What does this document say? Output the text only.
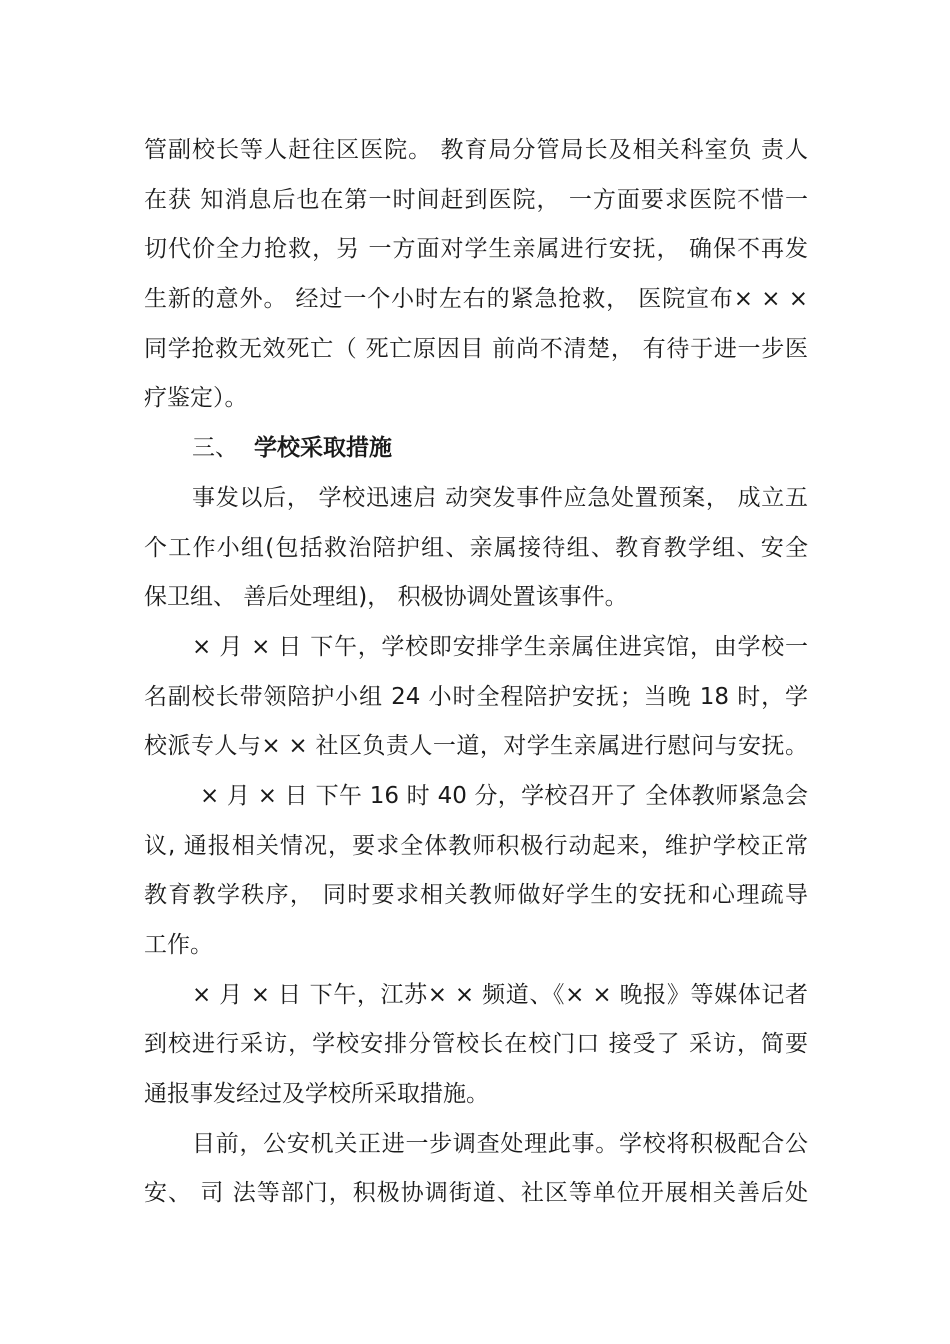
管副校长等人赶往区医院。 教育局分管局长及相关科室负 责人
在获 知消息后也在第一时间赶到医院， 一方面要求医院不惜一
切代价全力抢救，另 一方面对学生亲属进行安抚， 确保不再发
生新的意外。 经过一个小时左右的紧急抢救， 医院宣布× × ×
同学抢救无效死亡（ 死亡原因目 前尚不清楚， 有待于进一步医
疗鉴定）。
三、 学校采取措施
事发以后， 学校迅速启 动突发事件应急处置预案， 成立五
个工作小组(包括救治陪护组、亲属接待组、教育教学组、安全
保卫组、 善后处理组)， 积极协调处置该事件。
× 月 × 日 下午，学校即安排学生亲属住进宾馆，由学校一
名副校长带领陪护小组 24 小时全程陪护安抚；当晚 18 时，学
校派专人与× × 社区负责人一道，对学生亲属进行慰问与安抚。
× 月 × 日 下午 16 时 40 分，学校召开了 全体教师紧急会
议, 通报相关情况，要求全体教师积极行动起来，维护学校正常
教育教学秩序， 同时要求相关教师做好学生的安抚和心理疏导
工作。
× 月 × 日 下午，江苏× × 频道、《× × 晚报》等媒体记者
到校进行采访，学校安排分管校长在校门口 接受了 采访，简要
通报事发经过及学校所采取措施。
目前，公安机关正进一步调查处理此事。学校将积极配合公
安、 司 法等部门，积极协调街道、社区等单位开展相关善后处
